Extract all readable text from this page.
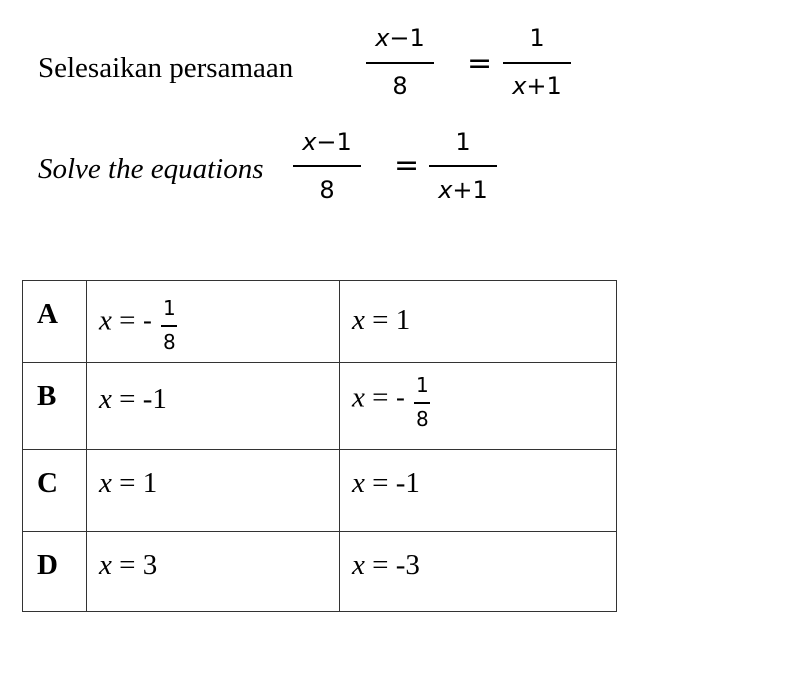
Selesaikan persamaan
x−1
8
=
1
x+1
Solve the equations
x−1
8
=
1
x+1
A	x = - $\frac{1}{8}$	x = 1

B	x = -1	x = - $\frac{1}{8}$

C	x = 1	x = -1

D	x = 3	x = -3
